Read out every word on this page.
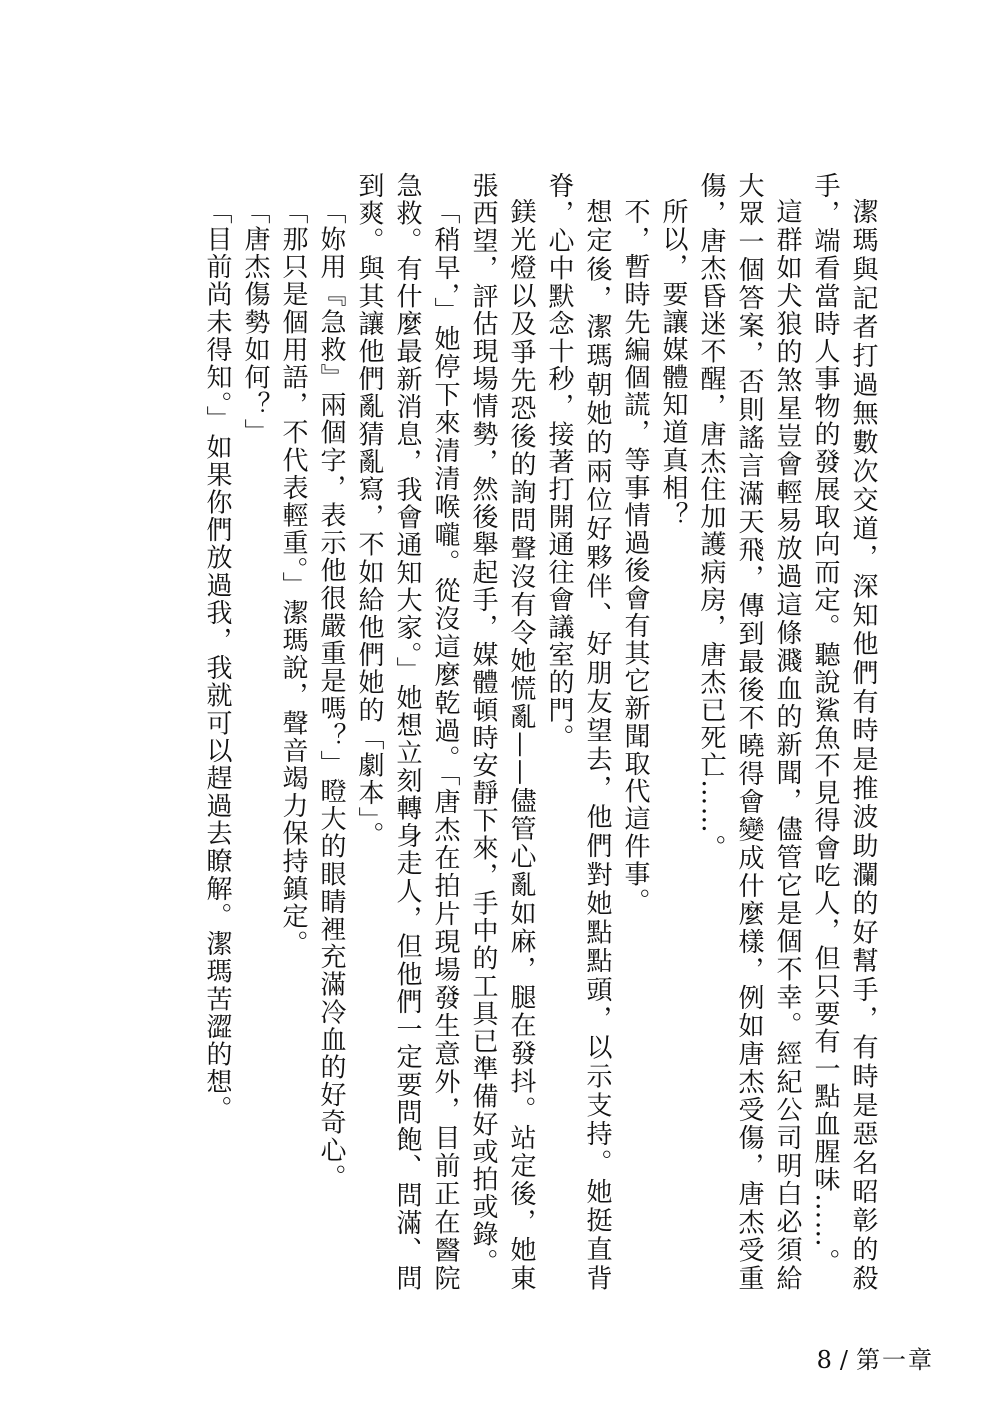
潔瑪與記者打過無數次交道，深知他們有時是推波助瀾的好幫手，有時是惡名昭彰的殺手，端看當時人事物的發展取向而定。聽說鯊魚不見得會吃人，但只要有一點血腥味……。

這群如犬狼的煞星豈會輕易放過這條濺血的新聞，儘管它是個不幸。經紀公司明白必須給大眾一個答案，否則謠言滿天飛，傳到最後不曉得會變成什麼樣，例如唐杰受傷，唐杰受重傷，唐杰昏迷不醒，唐杰住加護病房，唐杰已死亡……。

所以，要讓媒體知道真相？

不，暫時先編個謊，等事情過後會有其它新聞取代這件事。

想定後，潔瑪朝她的兩位好夥伴、好朋友望去，他們對她點點頭，以示支持。她挺直背脊，心中默念十秒，接著打開通往會議室的門。

鎂光燈以及爭先恐後的詢問聲沒有令她慌亂——儘管心亂如麻，腿在發抖。站定後，她東張西望，評估現場情勢，然後舉起手，媒體頓時安靜下來，手中的工具已準備好或拍或錄。

「稍早，」她停下來清清喉嚨。從沒這麼乾過。「唐杰在拍片現場發生意外，目前正在醫院急救。有什麼最新消息，我會通知大家。」她想立刻轉身走人，但他們一定要問飽、問滿、問到爽。與其讓他們亂猜亂寫，不如給他們她的「劇本」。

「妳用『急救』兩個字，表示他很嚴重是嗎？」瞪大的眼睛裡充滿冷血的好奇心。

「那只是個用語，不代表輕重。」潔瑪說，聲音竭力保持鎮定。

「唐杰傷勢如何？」

「目前尚未得知。」如果你們放過我，我就可以趕過去瞭解。潔瑪苦澀的想。

8 / 第一章
